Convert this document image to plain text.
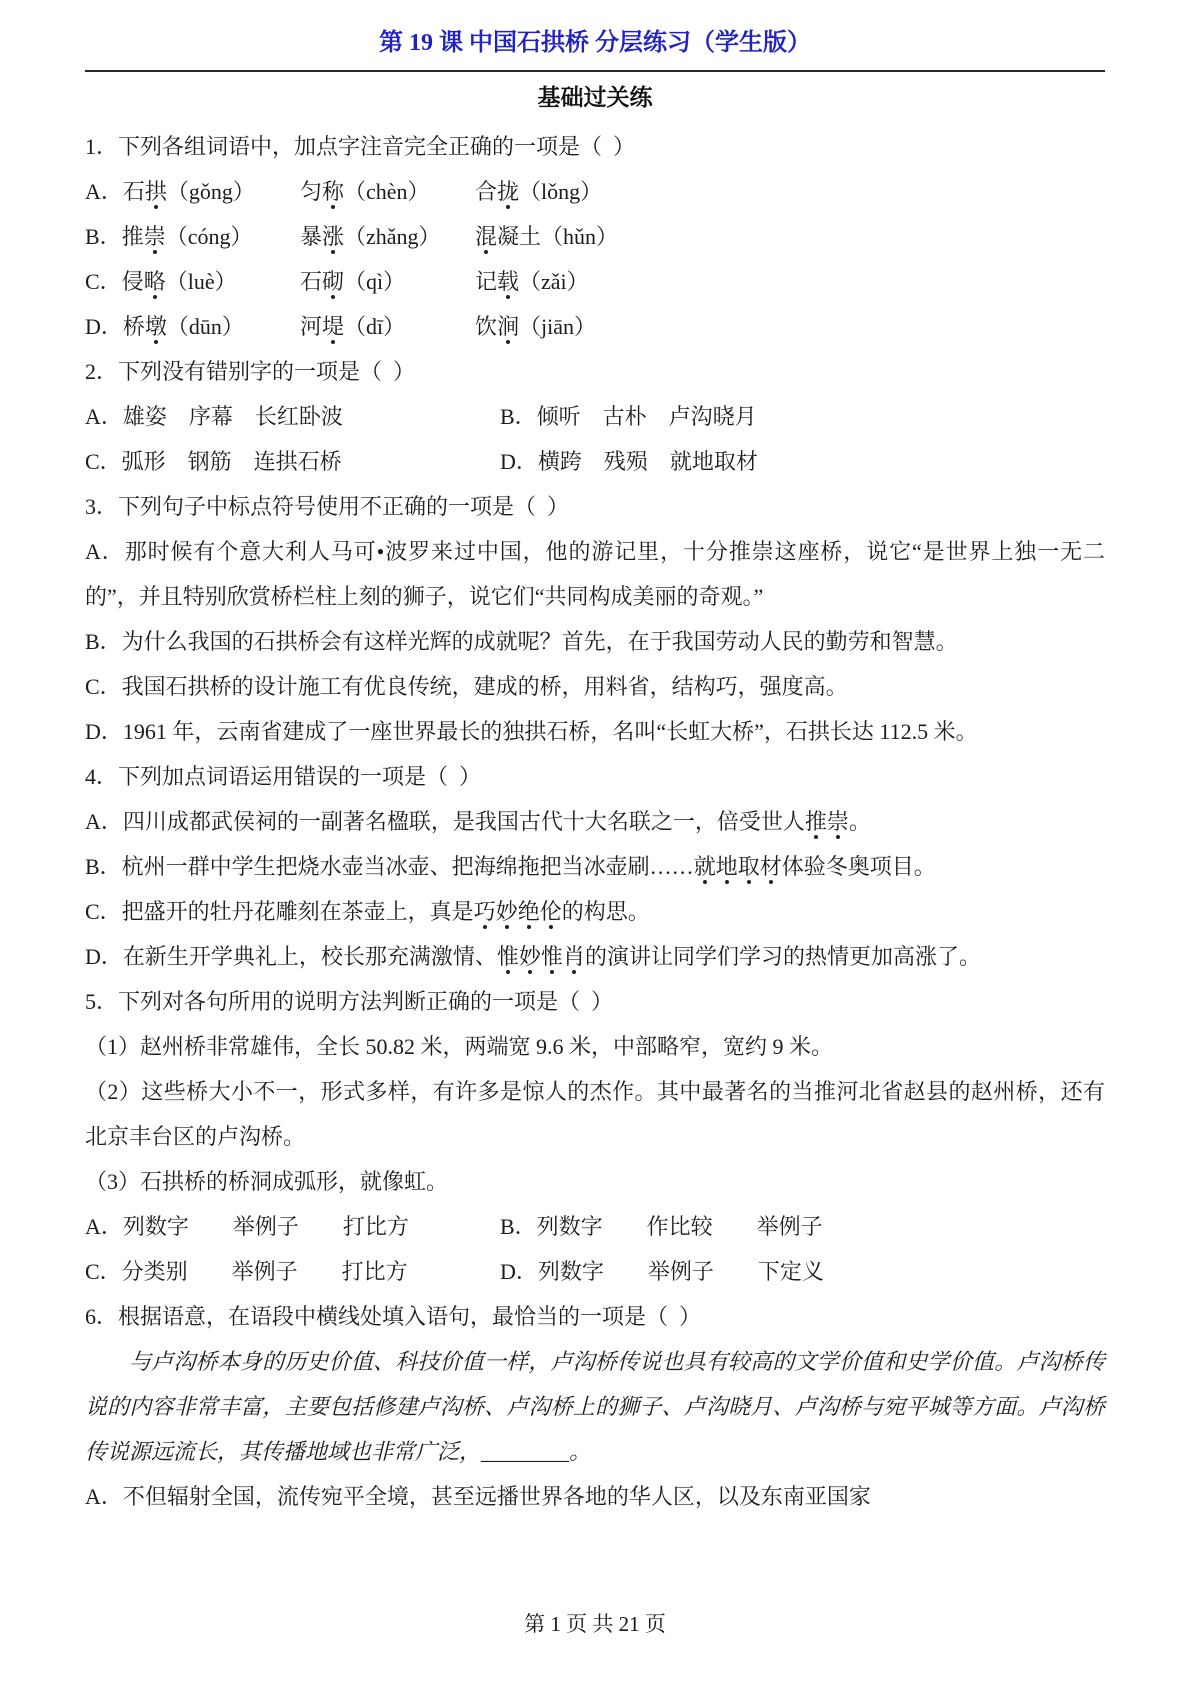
第 19 课 中国石拱桥 分层练习（学生版）
基础过关练
1．下列各组词语中，加点字注音完全正确的一项是（  ）
A．石拱（gǒng）	匀称（chèn）	合拢（lǒng）
B．推崇（cóng）	暴涨（zhǎng）	混凝土（hǔn）
C．侵略（luè）	石砌（qì）	记载（zǎi）
D．桥墩（dūn）	河堤（dī）	饮涧（jiān）
2．下列没有错别字的一项是（  ）
A．雄姿　序幕　长红卧波	B．倾听　古朴　卢沟晓月
C．弧形　钢筋　连拱石桥	D．横跨　残殒　就地取材
3．下列句子中标点符号使用不正确的一项是（  ）
A．那时候有个意大利人马可•波罗来过中国，他的游记里，十分推崇这座桥，说它“是世界上独一无二的”，并且特别欣赏桥栏柱上刻的狮子，说它们“共同构成美丽的奇观。”
B．为什么我国的石拱桥会有这样光辉的成就呢？首先，在于我国劳动人民的勤劳和智慧。
C．我国石拱桥的设计施工有优良传统，建成的桥，用料省，结构巧，强度高。
D．1961 年，云南省建成了一座世界最长的独拱石桥，名叫“长虹大桥”，石拱长达 112.5 米。
4．下列加点词语运用错误的一项是（  ）
A．四川成都武侯祠的一副著名楹联，是我国古代十大名联之一，倍受世人推崇。
B．杭州一群中学生把烧水壶当冰壶、把海绵拖把当冰壶刷……就地取材体验冬奥项目。
C．把盛开的牡丹花雕刻在茶壶上，真是巧妙绝伦的构思。
D．在新生开学典礼上，校长那充满激情、惟妙惟肖的演讲让同学们学习的热情更加高涨了。
5．下列对各句所用的说明方法判断正确的一项是（  ）
（1）赵州桥非常雄伟，全长 50.82 米，两端宽 9.6 米，中部略窄，宽约 9 米。
（2）这些桥大小不一，形式多样，有许多是惊人的杰作。其中最著名的当推河北省赵县的赵州桥，还有北京丰台区的卢沟桥。
（3）石拱桥的桥洞成弧形，就像虹。
A．列数字　　举例子　　打比方	B．列数字　　作比较　　举例子
C．分类别　　举例子　　打比方	D．列数字　　举例子　　下定义
6．根据语意，在语段中横线处填入语句，最恰当的一项是（  ）
与卢沟桥本身的历史价值、科技价值一样，卢沟桥传说也具有较高的文学价值和史学价值。卢沟桥传说的内容非常丰富，主要包括修建卢沟桥、卢沟桥上的狮子、卢沟晓月、卢沟桥与宛平城等方面。卢沟桥传说源远流长，其传播地域也非常广泛，________。
A．不但辐射全国，流传宛平全境，甚至远播世界各地的华人区，以及东南亚国家
第 1 页 共 21 页
